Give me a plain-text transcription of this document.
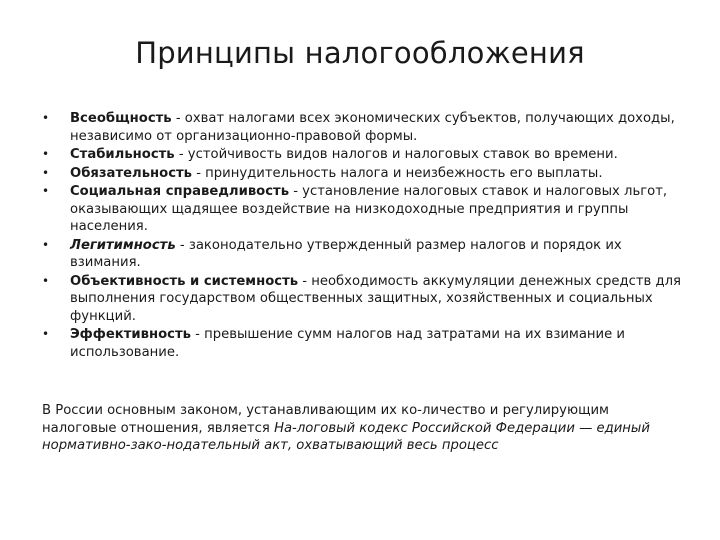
Принципы налогообложения
• Всеобщность - охват налогами всех экономических субъектов, получающих доходы, независимо от организационно-правовой формы.
• Стабильность - устойчивость видов налогов и налоговых ставок во времени.
• Обязательность - принудительность налога и неизбежность его выплаты.
• Социальная справедливость - установление налоговых ставок и налоговых льгот, оказывающих щадящее воздействие на низкодоходные предприятия и группы населения.
• Легитимность - законодательно утвержденный размер налогов и порядок их взимания.
• Объективность и системность - необходимость аккумуляции денежных средств для выполнения государством общественных защитных, хозяйственных и социальных функций.
• Эффективность - превышение сумм налогов над затратами на их взимание и использование.

В России основным законом, устанавливающим их ко-личество и регулирующим налоговые отношения, является На-логовый кодекс Российской Федерации — единый нормативно-зако-нодательный акт, охватывающий весь процесс
